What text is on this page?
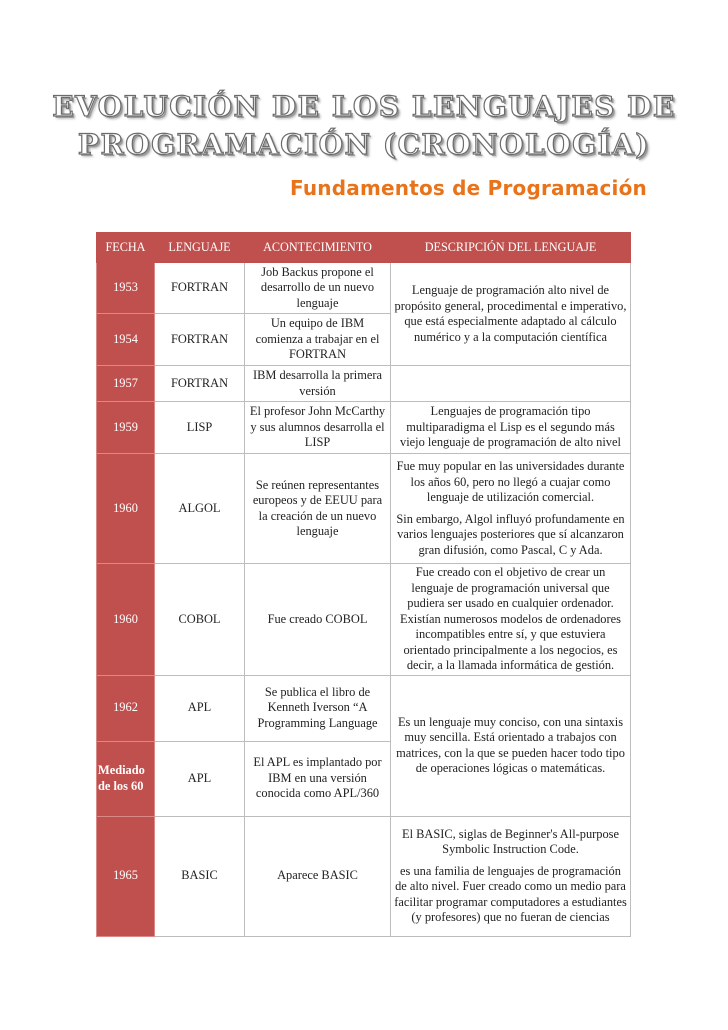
EVOLUCIÓN DE LOS LENGUAJES DE
PROGRAMACIÓN (CRONOLOGÍA)
Fundamentos de Programación
FECHA	LENGUAJE	ACONTECIMIENTO	DESCRIPCIÓN DEL LENGUAJE
1953	FORTRAN	Job Backus propone el desarrollo de un nuevo lenguaje	Lenguaje de programación alto nivel de propósito general, procedimental e imperativo, que está especialmente adaptado al cálculo numérico y a la computación científica
1954	FORTRAN	Un equipo de IBM comienza a trabajar en el FORTRAN	
1957	FORTRAN	IBM desarrolla la primera versión	
1959	LISP	El profesor John McCarthy y sus alumnos desarrolla el LISP	Lenguajes de programación tipo multiparadigma el Lisp es el segundo más viejo lenguaje de programación de alto nivel
1960	ALGOL	Se reúnen representantes europeos y de EEUU para la creación de un nuevo lenguaje	Fue muy popular en las universidades durante los años 60, pero no llegó a cuajar como lenguaje de utilización comercial.

Sin embargo, Algol influyó profundamente en varios lenguajes posteriores que sí alcanzaron gran difusión, como Pascal, C y Ada.

1960	COBOL	Fue creado COBOL	Fue creado con el objetivo de crear un lenguaje de programación universal que pudiera ser usado en cualquier ordenador. Existían numerosos modelos de ordenadores incompatibles entre sí, y que estuviera orientado principalmente a los negocios, es decir, a la llamada informática de gestión.
1962	APL	Se publica el libro de Kenneth Iverson “A Programming Language	Es un lenguaje muy conciso, con una sintaxis muy sencilla. Está orientado a trabajos con matrices, con la que se pueden hacer todo tipo de operaciones lógicas o matemáticas.
Mediado de los 60	APL	El APL es implantado por IBM en una versión conocida como APL/360	
1965	BASIC	Aparece BASIC	El BASIC, siglas de Beginner's All-purpose Symbolic Instruction Code.

es una familia de lenguajes de programación de alto nivel. Fuer creado como un medio para facilitar programar computadores a estudiantes (y profesores) que no fueran de ciencias
